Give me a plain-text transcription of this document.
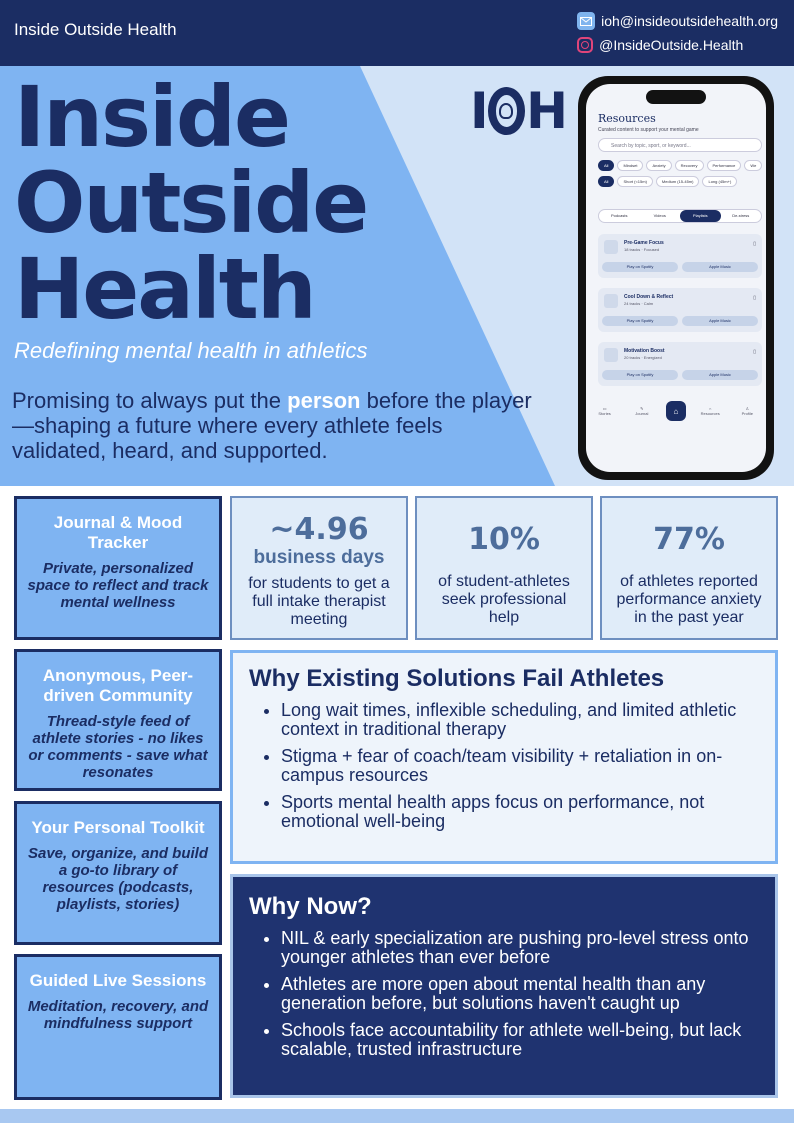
Inside Outside Health	ioh@insideoutsidehealth.org
@InsideOutside.Health
Inside
Outside
Health
Redefining mental health in athletics
Promising to always put the person before the player—shaping a future where every athlete feels validated, heard, and supported.
I H	Resources
Curated content to support your mental game
Search by topic, sport, or keyword...
All	Mindset	Anxiety	Recovery	Performance	We
All	Short (<15m)	Medium (15-45m)	Long (45m+)
Podcasts	Videos	Playlists	De-stress
Pre-Game Focus
18 tracks · Focused
▯
Play on Spotify	Apple Music
Cool Down & Reflect
24 tracks · Calm
▯
Play on Spotify	Apple Music
Motivation Boost
20 tracks · Energized
▯
Play on Spotify	Apple Music
▭
Stories
✎
Journal	⌂	∩
Resources
♙
Profile
Journal & Mood Tracker

Private, personalized space to reflect and track mental wellness

Anonymous, Peer-driven Community

Thread-style feed of athlete stories - no likes or comments - save what resonates

Your Personal Toolkit

Save, organize, and build a go-to library of resources (podcasts, playlists, stories)

Guided Live Sessions

Meditation, recovery, and mindfulness support

~4.96
business days
for students to get a full intake therapist meeting
10%
of student-athletes seek professional help
77%
of athletes reported performance anxiety in the past year
Why Existing Solutions Fail Athletes
• Long wait times, inflexible scheduling, and limited athletic context in traditional therapy
• Stigma + fear of coach/team visibility + retaliation in on-campus resources
• Sports mental health apps focus on performance, not emotional well-being
Why Now?
• NIL & early specialization are pushing pro-level stress onto younger athletes than ever before
• Athletes are more open about mental health than any generation before, but solutions haven't caught up
• Schools face accountability for athlete well-being, but lack scalable, trusted infrastructure
